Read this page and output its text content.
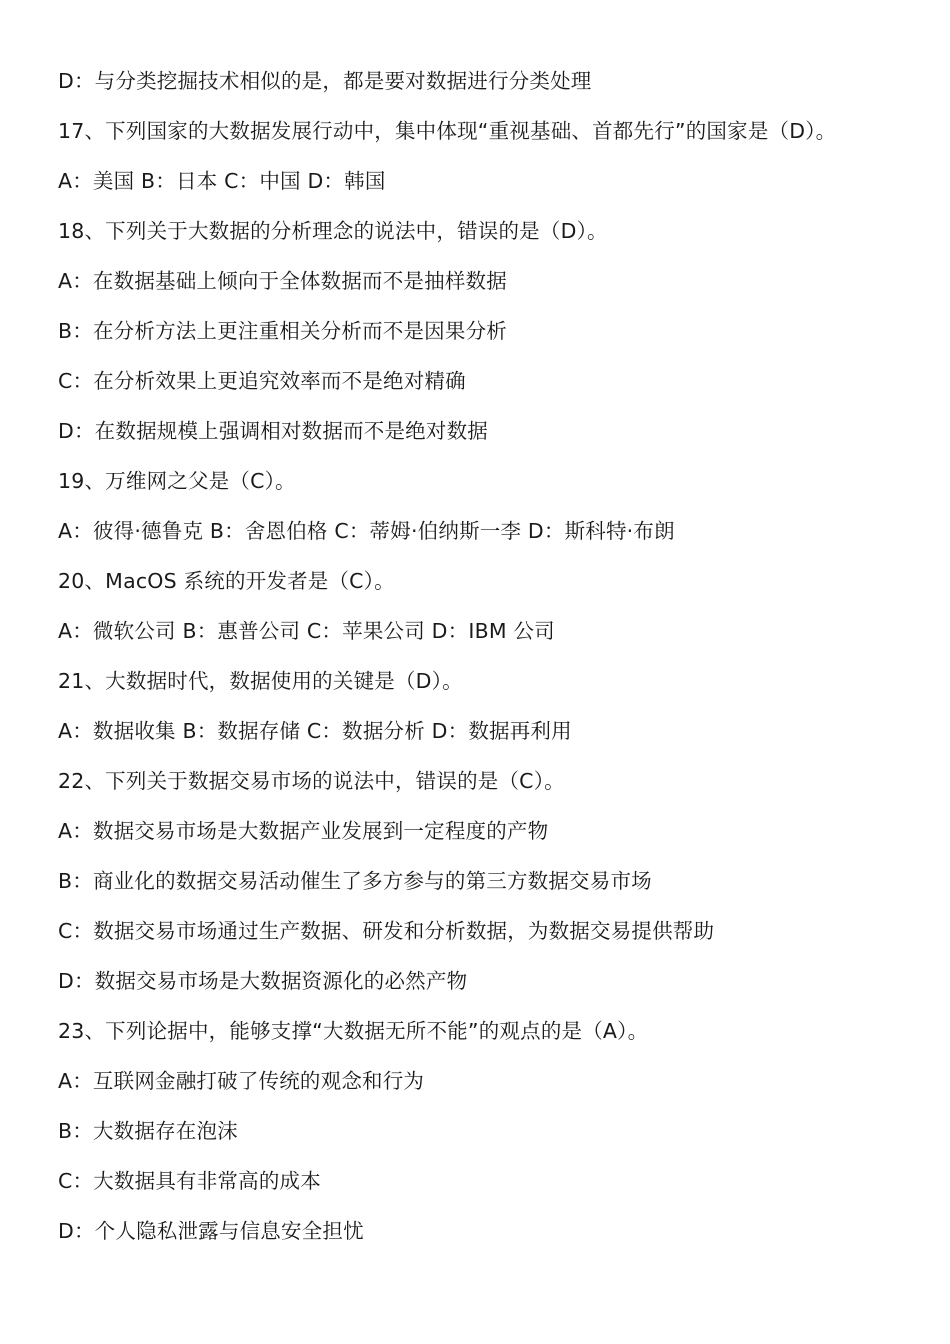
D：与分类挖掘技术相似的是，都是要对数据进行分类处理
17、下列国家的大数据发展行动中，集中体现“重视基础、首都先行”的国家是（D）。
A：美国 B：日本 C：中国 D：韩国
18、下列关于大数据的分析理念的说法中，错误的是（D）。
A：在数据基础上倾向于全体数据而不是抽样数据
B：在分析方法上更注重相关分析而不是因果分析
C：在分析效果上更追究效率而不是绝对精确
D：在数据规模上强调相对数据而不是绝对数据
19、万维网之父是（C）。
A：彼得·德鲁克 B：舍恩伯格 C：蒂姆·伯纳斯一李 D：斯科特·布朗
20、MacOS 系统的开发者是（C）。
A：微软公司 B：惠普公司 C：苹果公司 D：IBM 公司
21、大数据时代，数据使用的关键是（D）。
A：数据收集 B：数据存储 C：数据分析 D：数据再利用
22、下列关于数据交易市场的说法中，错误的是（C）。
A：数据交易市场是大数据产业发展到一定程度的产物
B：商业化的数据交易活动催生了多方参与的第三方数据交易市场
C：数据交易市场通过生产数据、研发和分析数据，为数据交易提供帮助
D：数据交易市场是大数据资源化的必然产物
23、下列论据中，能够支撑“大数据无所不能”的观点的是（A）。
A：互联网金融打破了传统的观念和行为
B：大数据存在泡沫
C：大数据具有非常高的成本
D：个人隐私泄露与信息安全担忧
